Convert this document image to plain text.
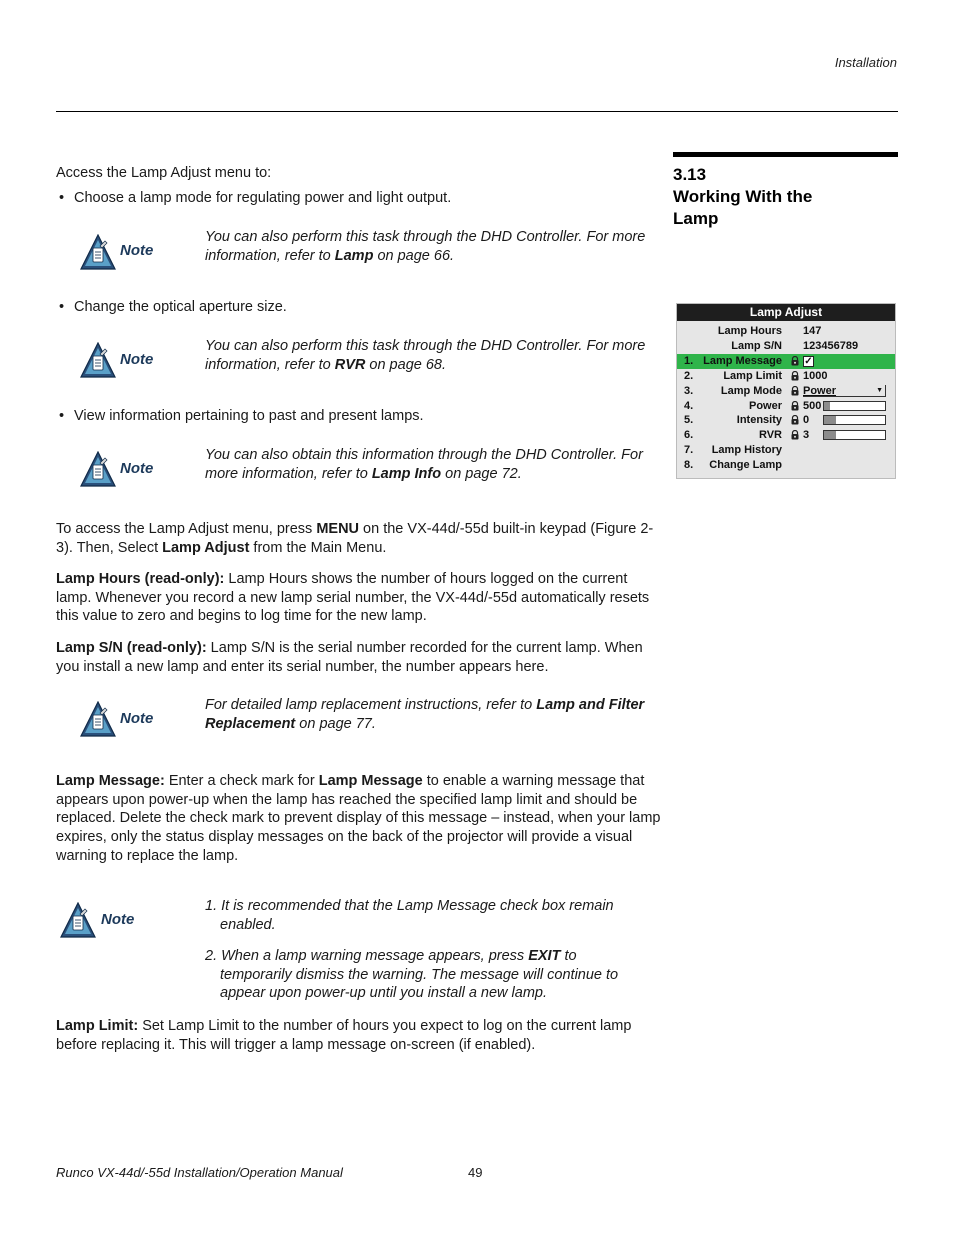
Installation
3.13
Working With the
Lamp
Access the Lamp Adjust menu to:
• Choose a lamp mode for regulating power and light output.
Note
You can also perform this task through the DHD Controller. For more information, refer to Lamp on page 66.
• Change the optical aperture size.
Note
You can also perform this task through the DHD Controller. For more information, refer to RVR on page 68.
• View information pertaining to past and present lamps.
Note
You can also obtain this information through the DHD Controller. For more information, refer to Lamp Info on page 72.
To access the Lamp Adjust menu, press MENU on the VX-44d/-55d built-in keypad (Figure 2-3). Then, Select Lamp Adjust from the Main Menu.
Lamp Hours (read-only): Lamp Hours shows the number of hours logged on the current lamp. Whenever you record a new lamp serial number, the VX-44d/-55d automatically resets this value to zero and begins to log time for the new lamp.
Lamp S/N (read-only): Lamp S/N is the serial number recorded for the current lamp. When you install a new lamp and enter its serial number, the number appears here.
Note
For detailed lamp replacement instructions, refer to Lamp and Filter Replacement on page 77.
Lamp Message: Enter a check mark for Lamp Message to enable a warning message that appears upon power-up when the lamp has reached the specified lamp limit and should be replaced. Delete the check mark to prevent display of this message – instead, when your lamp expires, only the status display messages on the back of the projector will provide a visual warning to replace the lamp.
Note
1. It is recommended that the Lamp Message check box remain enabled.
2. When a lamp warning message appears, press EXIT to temporarily dismiss the warning. The message will continue to appear upon power-up until you install a new lamp.
Lamp Limit: Set Lamp Limit to the number of hours you expect to log on the current lamp before replacing it. This will trigger a lamp message on-screen (if enabled).
Lamp Adjust
Lamp Hours 147
Lamp S/N 123456789
1. Lamp Message ✓
2.	Lamp Limit 1000
3.	Lamp Mode Power	▼
4.	Power 500
5.	Intensity 0
6.	RVR 3
7. Lamp History
8. Change Lamp
Runco VX-44d/-55d Installation/Operation Manual	49
